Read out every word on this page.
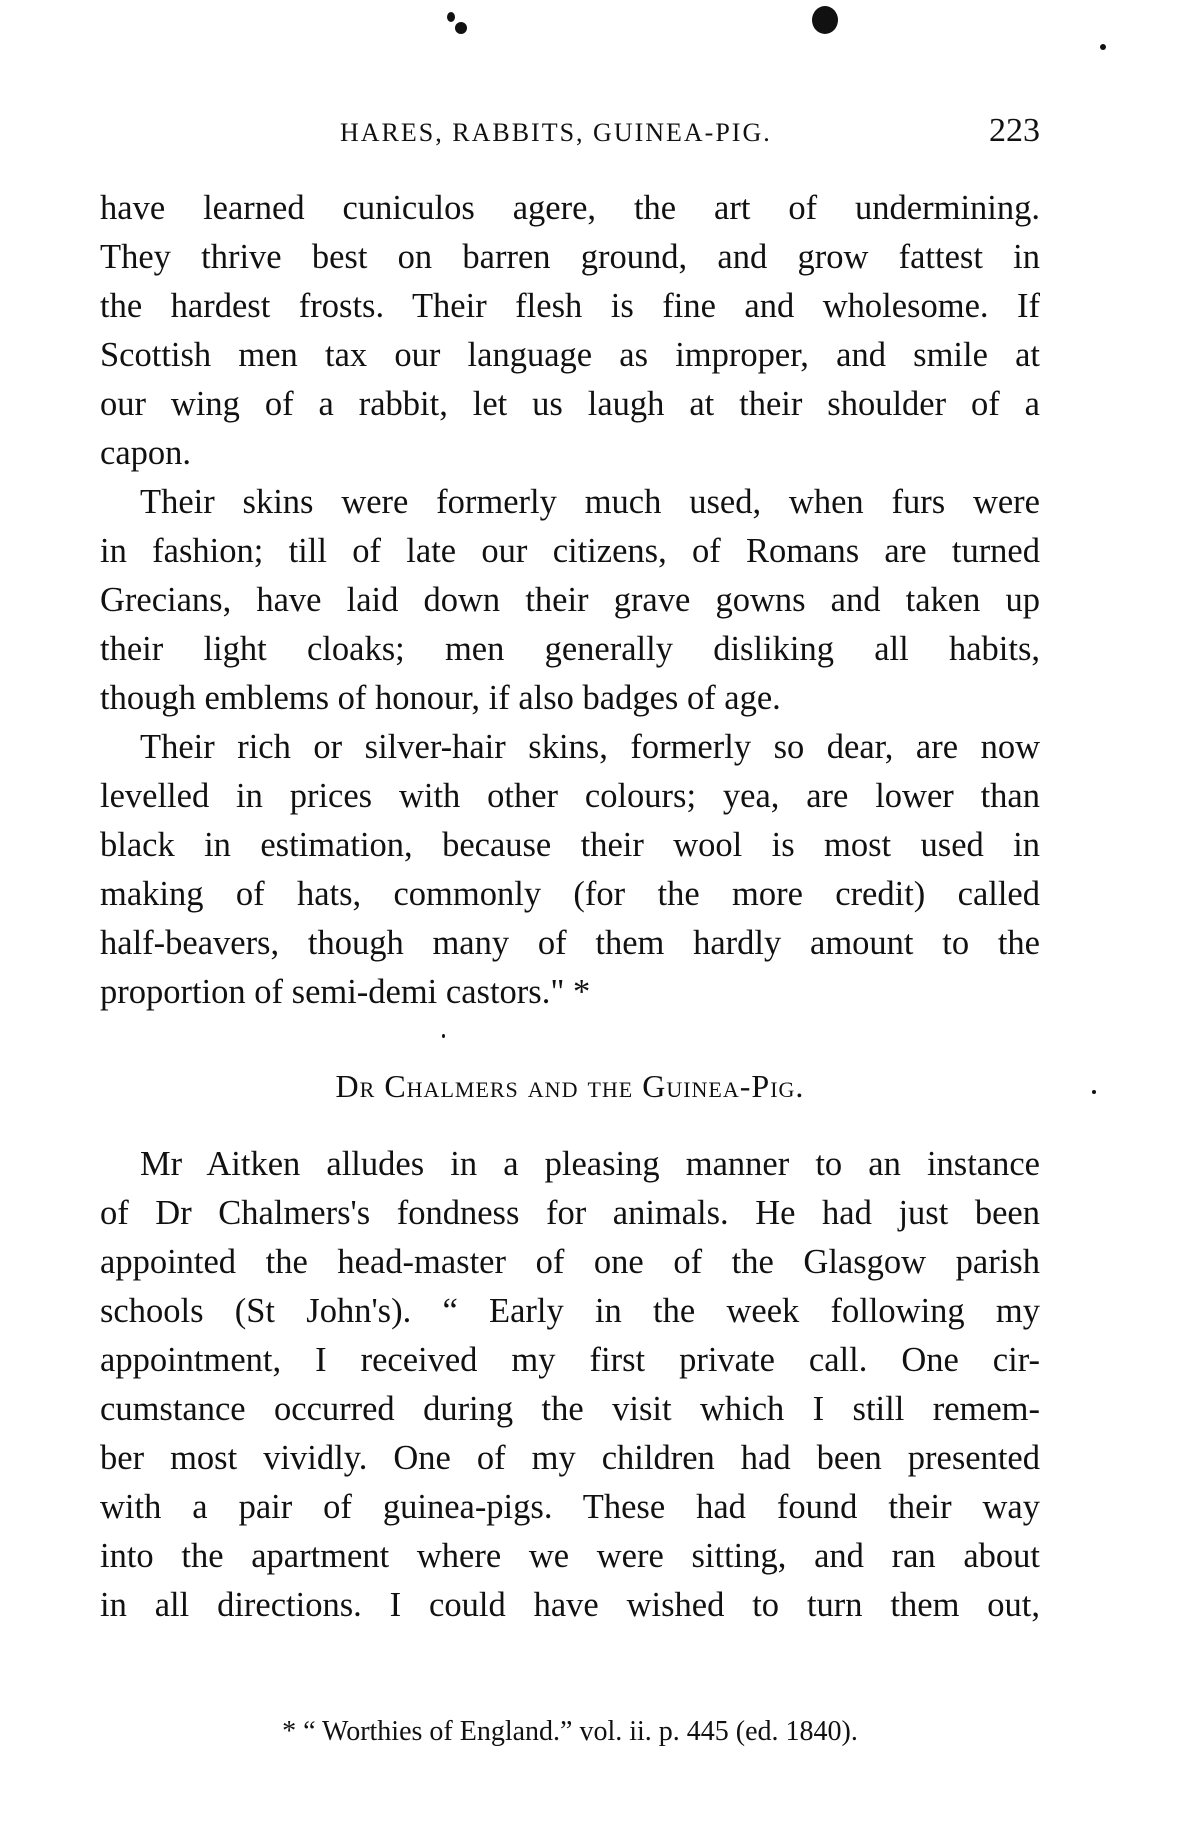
HARES, RABBITS, GUINEA-PIG.	223
have learned cuniculos agere, the art of undermining.
They thrive best on barren ground, and grow fattest in
the hardest frosts. Their flesh is fine and wholesome. If
Scottish men tax our language as improper, and smile at
our wing of a rabbit, let us laugh at their shoulder of a
capon.
Their skins were formerly much used, when furs were
in fashion; till of late our citizens, of Romans are turned
Grecians, have laid down their grave gowns and taken up
their light cloaks; men generally disliking all habits,
though emblems of honour, if also badges of age.
Their rich or silver-hair skins, formerly so dear, are now
levelled in prices with other colours; yea, are lower than
black in estimation, because their wool is most used in
making of hats, commonly (for the more credit) called
half-beavers, though many of them hardly amount to the
proportion of semi-demi castors." *
Dr Chalmers and the Guinea-Pig.
Mr Aitken alludes in a pleasing manner to an instance
of Dr Chalmers's fondness for animals. He had just been
appointed the head-master of one of the Glasgow parish
schools (St John's). “ Early in the week following my
appointment, I received my first private call. One cir-
cumstance occurred during the visit which I still remem-
ber most vividly. One of my children had been presented
with a pair of guinea-pigs. These had found their way
into the apartment where we were sitting, and ran about
in all directions. I could have wished to turn them out,
* “ Worthies of England.” vol. ii. p. 445 (ed. 1840).
